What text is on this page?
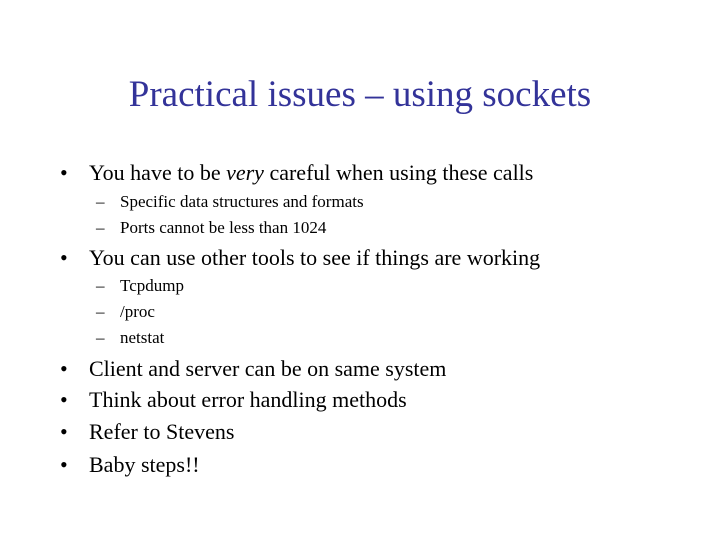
Practical issues – using sockets
• You have to be very careful when using these calls
– Specific data structures and formats
– Ports cannot be less than 1024
• You can use other tools to see if things are working
– Tcpdump
– /proc
– netstat
• Client and server can be on same system
• Think about error handling methods
• Refer to Stevens
• Baby steps!!
